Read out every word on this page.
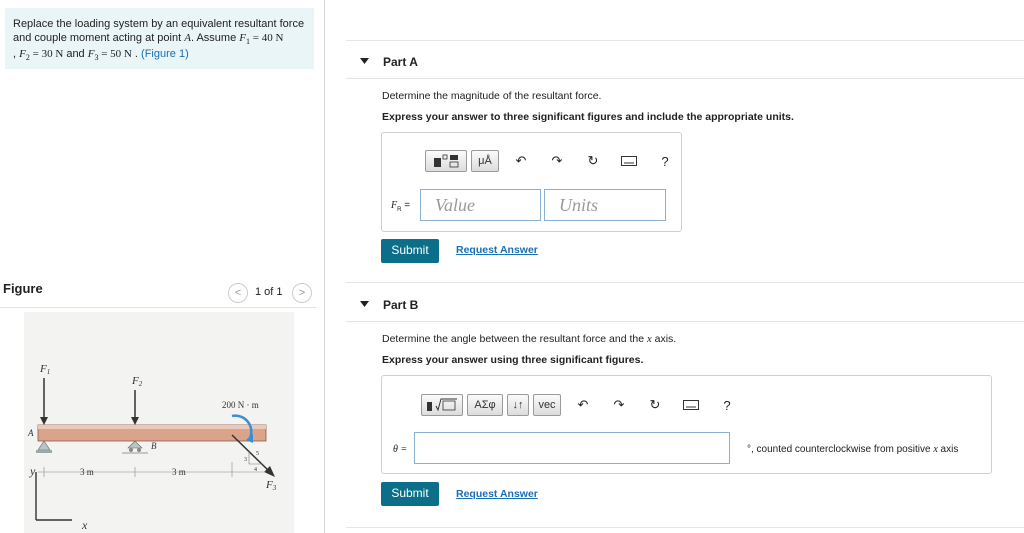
Replace the loading system by an equivalent resultant force
and couple moment acting at point A. Assume $F_1 = 40$ N
, $F_2 = 30$ N and $F_3 = 50$ N . (Figure 1)
Figure	<	1 of 1	>
F1
F2
F3
200 N · m
A
B
3 m	3 m
y
x
3
4
5
Part A
Determine the magnitude of the resultant force.
Express your answer to three significant figures and include the appropriate units.
μÅ	↶ ↷ ↻	?
$F_R$ =	Value	Units
Submit	Request Answer
Part B
Determine the angle between the resultant force and the x axis.
Express your answer using three significant figures.
ΑΣφ	↓↑	vec	↶ ↷ ↻	?
θ =	°, counted counterclockwise from positive x axis
Submit	Request Answer
